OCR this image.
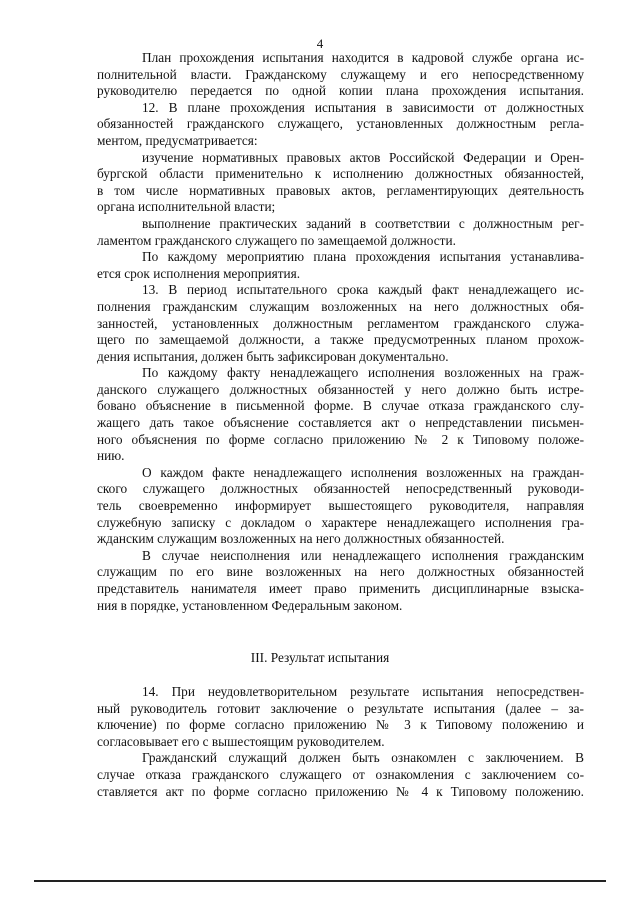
4
План прохождения испытания находится в кадровой службе органа ис-
полнительной власти. Гражданскому служащему и его непосредственному
руководителю передается по одной копии плана прохождения испытания.
12. В плане прохождения испытания в зависимости от должностных
обязанностей гражданского служащего, установленных должностным регла-
ментом, предусматривается:
изучение нормативных правовых актов Российской Федерации и Орен-
бургской области применительно к исполнению должностных обязанностей,
в том числе нормативных правовых актов, регламентирующих деятельность
органа исполнительной власти;
выполнение практических заданий в соответствии с должностным рег-
ламентом гражданского служащего по замещаемой должности.
По каждому мероприятию плана прохождения испытания устанавлива-
ется срок исполнения мероприятия.
13. В период испытательного срока каждый факт ненадлежащего ис-
полнения гражданским служащим возложенных на него должностных обя-
занностей, установленных должностным регламентом гражданского служа-
щего по замещаемой должности, а также предусмотренных планом прохож-
дения испытания, должен быть зафиксирован документально.
По каждому факту ненадлежащего исполнения возложенных на граж-
данского служащего должностных обязанностей у него должно быть истре-
бовано объяснение в письменной форме. В случае отказа гражданского слу-
жащего дать такое объяснение составляется акт о непредставлении письмен-
ного объяснения по форме согласно приложению № 2 к Типовому положе-
нию.
О каждом факте ненадлежащего исполнения возложенных на граждан-
ского служащего должностных обязанностей непосредственный руководи-
тель своевременно информирует вышестоящего руководителя, направляя
служебную записку с докладом о характере ненадлежащего исполнения гра-
жданским служащим возложенных на него должностных обязанностей.
В случае неисполнения или ненадлежащего исполнения гражданским
служащим по его вине возложенных на него должностных обязанностей
представитель нанимателя имеет право применить дисциплинарные взыска-
ния в порядке, установленном Федеральным законом.
III. Результат испытания
14. При неудовлетворительном результате испытания непосредствен-
ный руководитель готовит заключение о результате испытания (далее – за-
ключение) по форме согласно приложению № 3 к Типовому положению и
согласовывает его с вышестоящим руководителем.
Гражданский служащий должен быть ознакомлен с заключением. В
случае отказа гражданского служащего от ознакомления с заключением со-
ставляется акт по форме согласно приложению № 4 к Типовому положению.
